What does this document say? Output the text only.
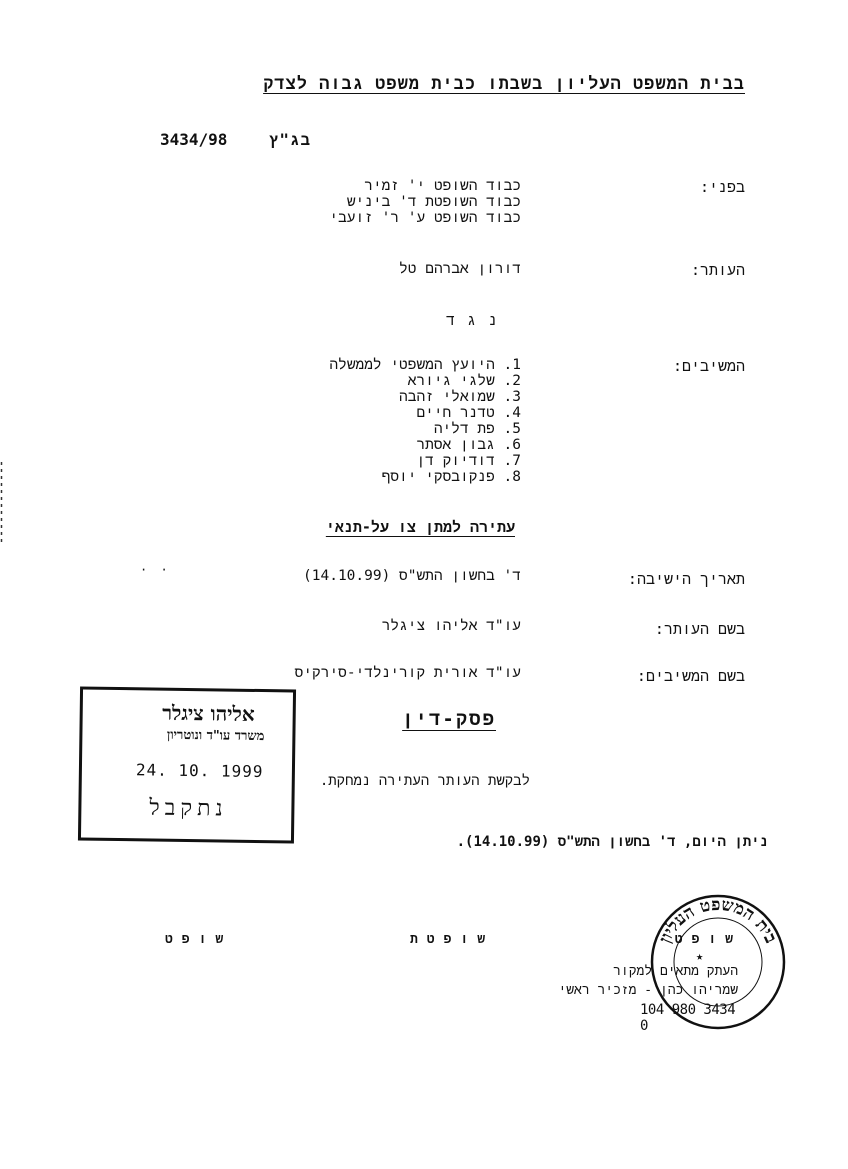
בבית המשפט העליון בשבתו כבית משפט גבוה לצדק
3434/98	בג"ץ
בפני:
כבוד השופט י' זמיר
כבוד השופטת ד' ביניש
כבוד השופט ע' ר' זועבי
העותר:
דורון אברהם טל
נגד
המשיבים:
1. היועץ המשפטי לממשלה
2. שלגי גיורא
3. שמואלי זהבה
4. טדנר חיים
5. פת דליה
6. גבון אסתר
7. דודיוק דן
8. פנקובסקי יוסף
עתירה למתן צו על-תנאי
תאריך הישיבה:
ד' בחשון התש"ס (14.10.99)
· ·
בשם העותר:
עו"ד אליהו ציגלר
בשם המשיבים:
עו"ד אורית קורינלדי-סירקיס
אליהו ציגלר
משרד עו"ד ונוטריון
24. 10. 1999
נתקבל
פסק-דין
לבקשת העותר העתירה נמחקת.
ניתן היום, ד' בחשון התש"ס (14.10.99).
שופט	שופטת	בית המשפט העליון
★
שופט
העתק מתאים למקור
שמריהו כהן - מזכיר ראשי
104 980 3434 0
